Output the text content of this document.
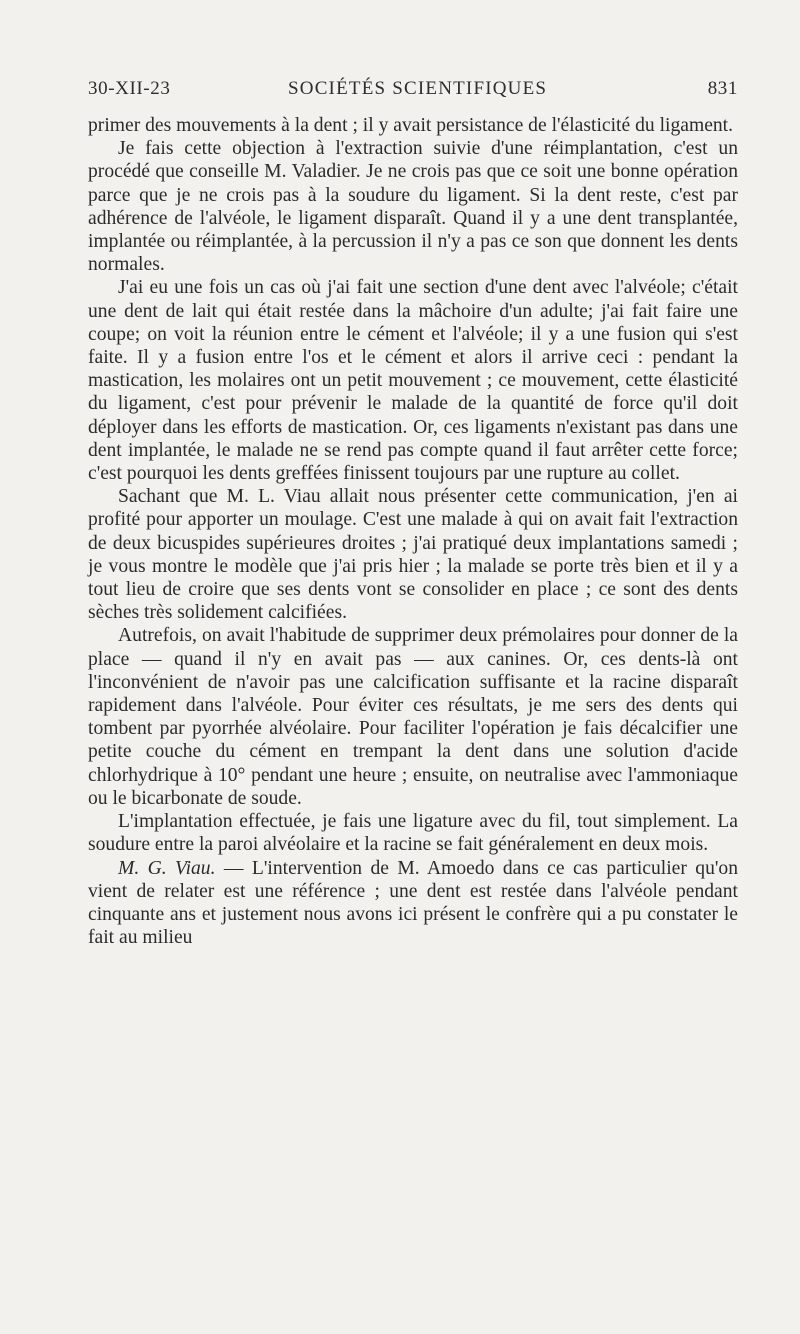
30-XII-23	SOCIÉTÉS SCIENTIFIQUES	831

primer des mouvements à la dent ; il y avait persistance de l'élasticité du ligament.

Je fais cette objection à l'extraction suivie d'une réimplantation, c'est un procédé que conseille M. Valadier. Je ne crois pas que ce soit une bonne opération parce que je ne crois pas à la soudure du ligament. Si la dent reste, c'est par adhérence de l'alvéole, le ligament disparaît. Quand il y a une dent transplantée, implantée ou réimplantée, à la percussion il n'y a pas ce son que donnent les dents normales.

J'ai eu une fois un cas où j'ai fait une section d'une dent avec l'alvéole; c'était une dent de lait qui était restée dans la mâchoire d'un adulte; j'ai fait faire une coupe; on voit la réunion entre le cément et l'alvéole; il y a une fusion qui s'est faite. Il y a fusion entre l'os et le cément et alors il arrive ceci : pendant la mastication, les molaires ont un petit mouvement ; ce mouvement, cette élasticité du ligament, c'est pour prévenir le malade de la quantité de force qu'il doit déployer dans les efforts de mastication. Or, ces ligaments n'existant pas dans une dent implantée, le malade ne se rend pas compte quand il faut arrêter cette force; c'est pourquoi les dents greffées finissent toujours par une rupture au collet.

Sachant que M. L. Viau allait nous présenter cette communication, j'en ai profité pour apporter un moulage. C'est une malade à qui on avait fait l'extraction de deux bicuspides supérieures droites ; j'ai pratiqué deux implantations samedi ; je vous montre le modèle que j'ai pris hier ; la malade se porte très bien et il y a tout lieu de croire que ses dents vont se consolider en place ; ce sont des dents sèches très solidement calcifiées.

Autrefois, on avait l'habitude de supprimer deux prémolaires pour donner de la place — quand il n'y en avait pas — aux canines. Or, ces dents-là ont l'inconvénient de n'avoir pas une calcification suffisante et la racine disparaît rapidement dans l'alvéole. Pour éviter ces résultats, je me sers des dents qui tombent par pyorrhée alvéolaire. Pour faciliter l'opération je fais décalcifier une petite couche du cément en trempant la dent dans une solution d'acide chlorhydrique à 10° pendant une heure ; ensuite, on neutralise avec l'ammoniaque ou le bicarbonate de soude.

L'implantation effectuée, je fais une ligature avec du fil, tout simplement. La soudure entre la paroi alvéolaire et la racine se fait généralement en deux mois.

M. G. Viau. — L'intervention de M. Amoedo dans ce cas particulier qu'on vient de relater est une référence ; une dent est restée dans l'alvéole pendant cinquante ans et justement nous avons ici présent le confrère qui a pu constater le fait au milieu
